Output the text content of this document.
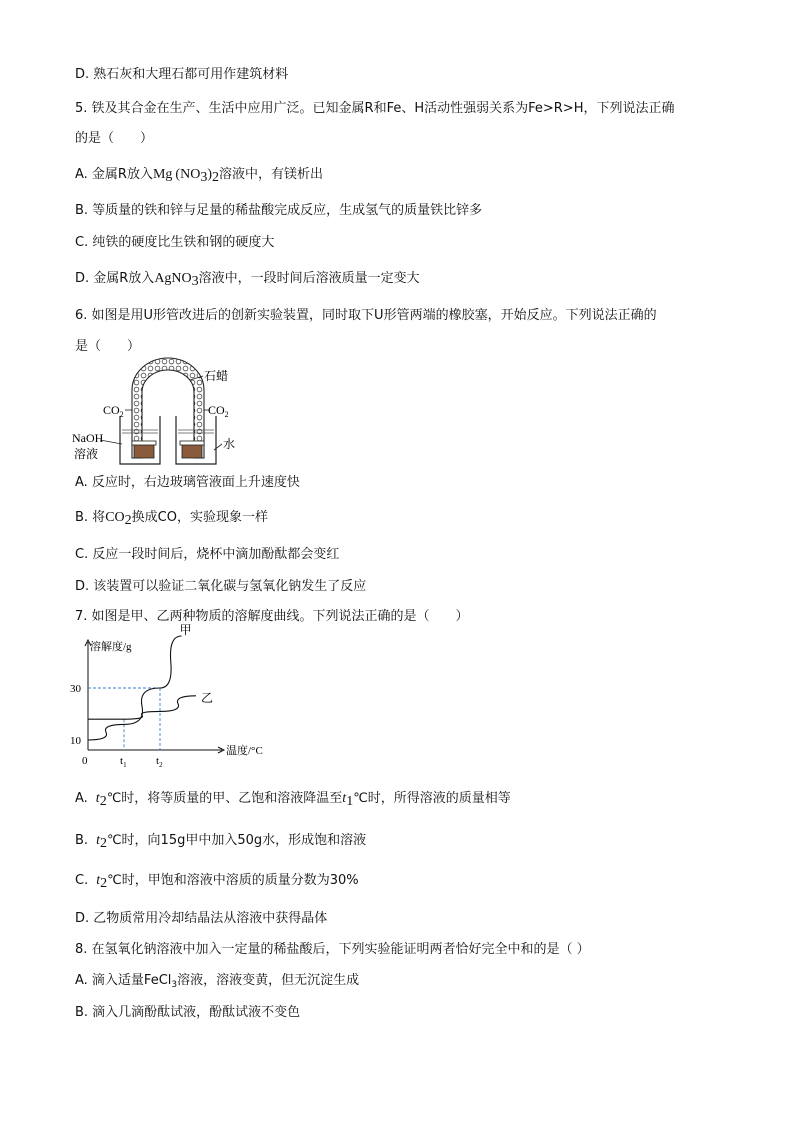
D. 熟石灰和大理石都可用作建筑材料
5. 铁及其合金在生产、生活中应用广泛。已知金属R和Fe、H活动性强弱关系为Fe>R>H，下列说法正确
的是（　　）
A. 金属R放入Mg $(NO_3)_2$溶液中，有镁析出
B. 等质量的铁和锌与足量的稀盐酸完成反应，生成氢气的质量铁比锌多
C. 纯铁的硬度比生铁和钢的硬度大
D. 金属R放入AgNO$_3$溶液中，一段时间后溶液质量一定变大
6. 如图是用U形管改进后的创新实验装置，同时取下U形管两端的橡胶塞，开始反应。下列说法正确的
是（　　）
石蜡
$CO_2$	$CO_2$
NaOH
溶液
水
A. 反应时，右边玻璃管液面上升速度快
B. 将$CO_2$换成CO，实验现象一样
C. 反应一段时间后，烧杯中滴加酚酞都会变红
D. 该装置可以验证二氧化碳与氢氧化钠发生了反应
7. 如图是甲、乙两种物质的溶解度曲线。下列说法正确的是（　　）
甲
乙
溶解度/g
温度/°C
0
30
10
$t_1$	$t_2$
A. $t_2℃$时，将等质量的甲、乙饱和溶液降温至$t_1℃$时，所得溶液的质量相等
B. $t_2℃$时，向15g甲中加入50g水，形成饱和溶液
C. $t_2℃$时，甲饱和溶液中溶质的质量分数为30%
D. 乙物质常用冷却结晶法从溶液中获得晶体
8. 在氢氧化钠溶液中加入一定量的稀盐酸后，下列实验能证明两者恰好完全中和的是（ ）
A. 滴入适量FeCl$_3$溶液，溶液变黄，但无沉淀生成
B. 滴入几滴酚酞试液，酚酞试液不变色
